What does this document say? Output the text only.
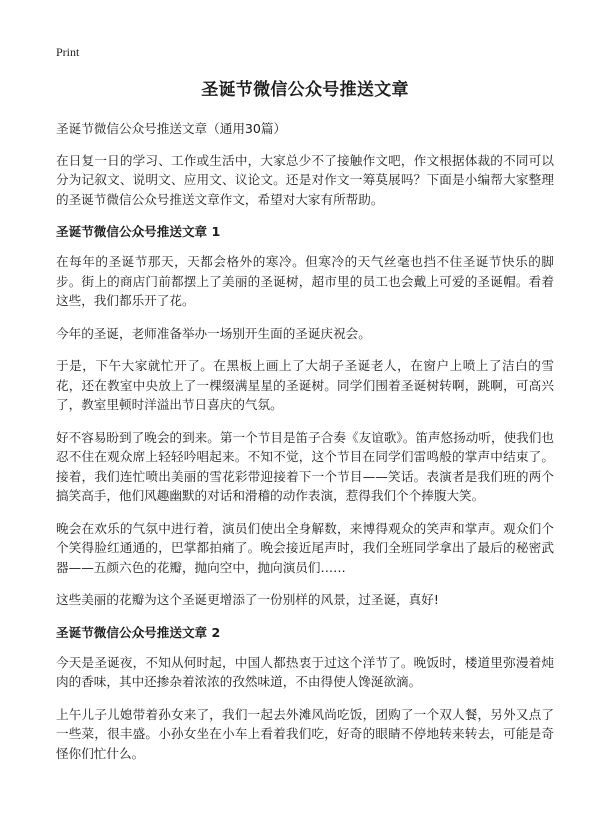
Print
圣诞节微信公众号推送文章

圣诞节微信公众号推送文章（通用30篇）

在日复一日的学习、工作或生活中，大家总少不了接触作文吧，作文根据体裁的不同可以分为记叙文、说明文、应用文、议论文。还是对作文一筹莫展吗？下面是小编帮大家整理的圣诞节微信公众号推送文章作文，希望对大家有所帮助。

圣诞节微信公众号推送文章 1

在每年的圣诞节那天，天都会格外的寒冷。但寒冷的天气丝毫也挡不住圣诞节快乐的脚步。街上的商店门前都摆上了美丽的圣诞树，超市里的员工也会戴上可爱的圣诞帽。看着这些，我们都乐开了花。

今年的圣诞，老师准备举办一场别开生面的圣诞庆祝会。

于是，下午大家就忙开了。在黑板上画上了大胡子圣诞老人，在窗户上喷上了洁白的雪花，还在教室中央放上了一棵缀满星星的圣诞树。同学们围着圣诞树转啊，跳啊，可高兴了，教室里顿时洋溢出节日喜庆的气氛。

好不容易盼到了晚会的到来。第一个节目是笛子合奏《友谊歌》。笛声悠扬动听，使我们也忍不住在观众席上轻轻吟唱起来。不知不觉，这个节目在同学们雷鸣般的掌声中结束了。接着，我们连忙喷出美丽的雪花彩带迎接着下一个节目——笑话。表演者是我们班的两个搞笑高手，他们风趣幽默的对话和滑稽的动作表演，惹得我们个个捧腹大笑。

晚会在欢乐的气氛中进行着，演员们使出全身解数，来博得观众的笑声和掌声。观众们个个笑得脸红通通的，巴掌都拍痛了。晚会接近尾声时，我们全班同学拿出了最后的秘密武器——五颜六色的花瓣，抛向空中，抛向演员们……

这些美丽的花瓣为这个圣诞更增添了一份别样的风景，过圣诞，真好!

圣诞节微信公众号推送文章 2

今天是圣诞夜，不知从何时起，中国人都热衷于过这个洋节了。晚饭时，楼道里弥漫着炖肉的香味，其中还掺杂着浓浓的孜然味道，不由得使人馋涎欲滴。

上午儿子儿媳带着孙女来了，我们一起去外滩风尚吃饭，团购了一个双人餐，另外又点了一些菜，很丰盛。小孙女坐在小车上看着我们吃，好奇的眼睛不停地转来转去，可能是奇怪你们忙什么。
